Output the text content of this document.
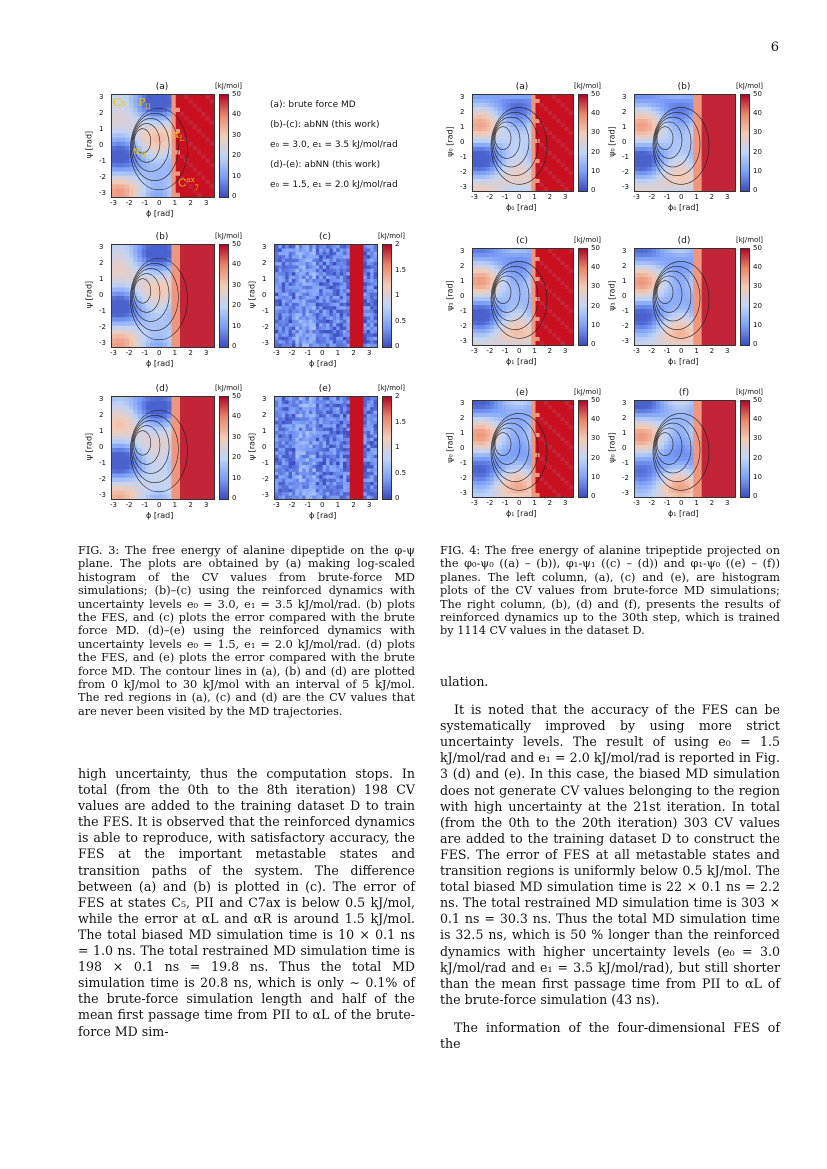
6
(a)	[kJ/mol]
50
40
30
20
10
0
-3 -2 -1 0 1 2 3
3
2
1
0
-1
-2
-3
ϕ [rad]
ψ [rad]
(b)	[kJ/mol]
50
40
30
20
10
0
-3 -2 -1 0 1 2 3
3
2
1
0
-1
-2
-3
ϕ [rad]
ψ [rad]
(c)	[kJ/mol]
2
1.5
1
0.5
0
-3 -2 -1 0 1 2 3
3
2
1
0
-1
-2
-3
ϕ [rad]
ψ [rad]
(d)	[kJ/mol]
50
40
30
20
10
0
-3 -2 -1 0 1 2 3
3
2
1
0
-1
-2
-3
ϕ [rad]
ψ [rad]
(e)	[kJ/mol]
2
1.5
1
0.5
0
-3 -2 -1 0 1 2 3
3
2
1
0
-1
-2
-3
ϕ [rad]
ψ [rad]
C₅ $P_{II}$
$\alpha_L$
$\alpha_R$
$C^{ax}_7$
(a): brute force MD
(b)-(c): abNN (this work)
e₀ = 3.0, e₁ = 3.5 kJ/mol/rad
(d)-(e): abNN (this work)
e₀ = 1.5, e₁ = 2.0 kJ/mol/rad
(a)	[kJ/mol]
50
40
30
20
10
0
-3 -2 -1 0 1 2 3
3
2
1
0
-1
-2
-3
ϕ₀ [rad]
ψ₀ [rad]
(b)	[kJ/mol]
50
40
30
20
10
0
-3 -2 -1 0 1 2 3
3
2
1
0
-1
-2
-3
ϕ₀ [rad]
ψ₀ [rad]
(c)	[kJ/mol]
50
40
30
20
10
0
-3 -2 -1 0 1 2 3
3
2
1
0
-1
-2
-3
ϕ₁ [rad]
ψ₁ [rad]
(d)	[kJ/mol]
50
40
30
20
10
0
-3 -2 -1 0 1 2 3
3
2
1
0
-1
-2
-3
ϕ₁ [rad]
ψ₁ [rad]
(e)	[kJ/mol]
50
40
30
20
10
0
-3 -2 -1 0 1 2 3
3
2
1
0
-1
-2
-3
ϕ₁ [rad]
ψ₀ [rad]
(f)	[kJ/mol]
50
40
30
20
10
0
-3 -2 -1 0 1 2 3
3
2
1
0
-1
-2
-3
ϕ₁ [rad]
ψ₀ [rad]
FIG. 3: The free energy of alanine dipeptide on the φ-ψ plane. The plots are obtained by (a) making log-scaled histogram of the CV values from brute-force MD simulations; (b)–(c) using the reinforced dynamics with uncertainty levels e₀ = 3.0, e₁ = 3.5 kJ/mol/rad. (b) plots the FES, and (c) plots the error compared with the brute force MD. (d)–(e) using the reinforced dynamics with uncertainty levels e₀ = 1.5, e₁ = 2.0 kJ/mol/rad. (d) plots the FES, and (e) plots the error compared with the brute force MD. The contour lines in (a), (b) and (d) are plotted from 0 kJ/mol to 30 kJ/mol with an interval of 5 kJ/mol. The red regions in (a), (c) and (d) are the CV values that are never been visited by the MD trajectories.
FIG. 4: The free energy of alanine tripeptide projected on the φ₀-ψ₀ ((a) – (b)), φ₁-ψ₁ ((c) – (d)) and φ₁-ψ₀ ((e) – (f)) planes. The left column, (a), (c) and (e), are histogram plots of the CV values from brute-force MD simulations; The right column, (b), (d) and (f), presents the results of reinforced dynamics up to the 30th step, which is trained by 1114 CV values in the dataset D.

high uncertainty, thus the computation stops. In total (from the 0th to the 8th iteration) 198 CV values are added to the training dataset D to train the FES. It is observed that the reinforced dynamics is able to reproduce, with satisfactory accuracy, the FES at the important metastable states and transition paths of the system. The difference between (a) and (b) is plotted in (c). The error of FES at states C₅, PII and C7ax is below 0.5 kJ/mol, while the error at αL and αR is around 1.5 kJ/mol. The total biased MD simulation time is 10 × 0.1 ns = 1.0 ns. The total restrained MD simulation time is 198 × 0.1 ns = 19.8 ns. Thus the total MD simulation time is 20.8 ns, which is only ∼ 0.1% of the brute-force simulation length and half of the mean first passage time from PII to αL of the brute-force MD sim-

ulation.

It is noted that the accuracy of the FES can be systematically improved by using more strict uncertainty levels. The result of using e₀ = 1.5 kJ/mol/rad and e₁ = 2.0 kJ/mol/rad is reported in Fig. 3 (d) and (e). In this case, the biased MD simulation does not generate CV values belonging to the region with high uncertainty at the 21st iteration. In total (from the 0th to the 20th iteration) 303 CV values are added to the training dataset D to construct the FES. The error of FES at all metastable states and transition regions is uniformly below 0.5 kJ/mol. The total biased MD simulation time is 22 × 0.1 ns = 2.2 ns. The total restrained MD simulation time is 303 × 0.1 ns = 30.3 ns. Thus the total MD simulation time is 32.5 ns, which is 50 % longer than the reinforced dynamics with higher uncertainty levels (e₀ = 3.0 kJ/mol/rad and e₁ = 3.5 kJ/mol/rad), but still shorter than the mean first passage time from PII to αL of the brute-force simulation (43 ns).

The information of the four-dimensional FES of the
